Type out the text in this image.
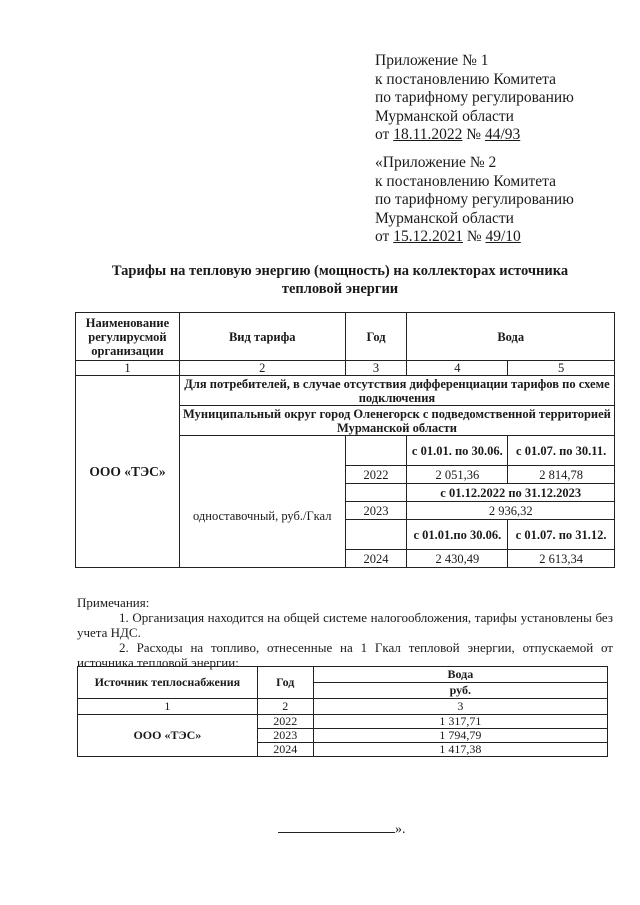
Приложение № 1
к постановлению Комитета
по тарифному регулированию
Мурманской области
от 18.11.2022 № 44/93
«Приложение № 2
к постановлению Комитета
по тарифному регулированию
Мурманской области
от 15.12.2021 № 49/10
Тарифы на тепловую энергию (мощность) на коллекторах источника
тепловой энергии
Наименование регулирусмой организации	Вид тарифа	Год	Вода	
1	2	3	4	5
ООО «ТЭС»	Для потребителей, в случае отсутствия дифференциации тарифов по схеме подключения			
	Муниципальный округ город Оленегорск с подведомственной территорией Мурманской области			
	одноставочный, руб./Гкал		с 01.01. по 30.06.	с 01.07. по 30.11.
		2022	2 051,36	2 814,78
			с 01.12.2022 по 31.12.2023	
		2023	2 936,32	
			с 01.01.по 30.06.	с 01.07. по 31.12.
		2024	2 430,49	2 613,34
Примечания:
1. Организация находится на общей системе налогообложения, тарифы установлены без учета НДС.
2. Расходы на топливо, отнесенные на 1 Гкал тепловой энергии, отпускаемой от источника тепловой энергии:
Источник теплоснабжения	Год	Вода
		руб.
1	2	3
ООО «ТЭС»	2022	1 317,71
	2023	1 794,79
	2024	1 417,38
».
